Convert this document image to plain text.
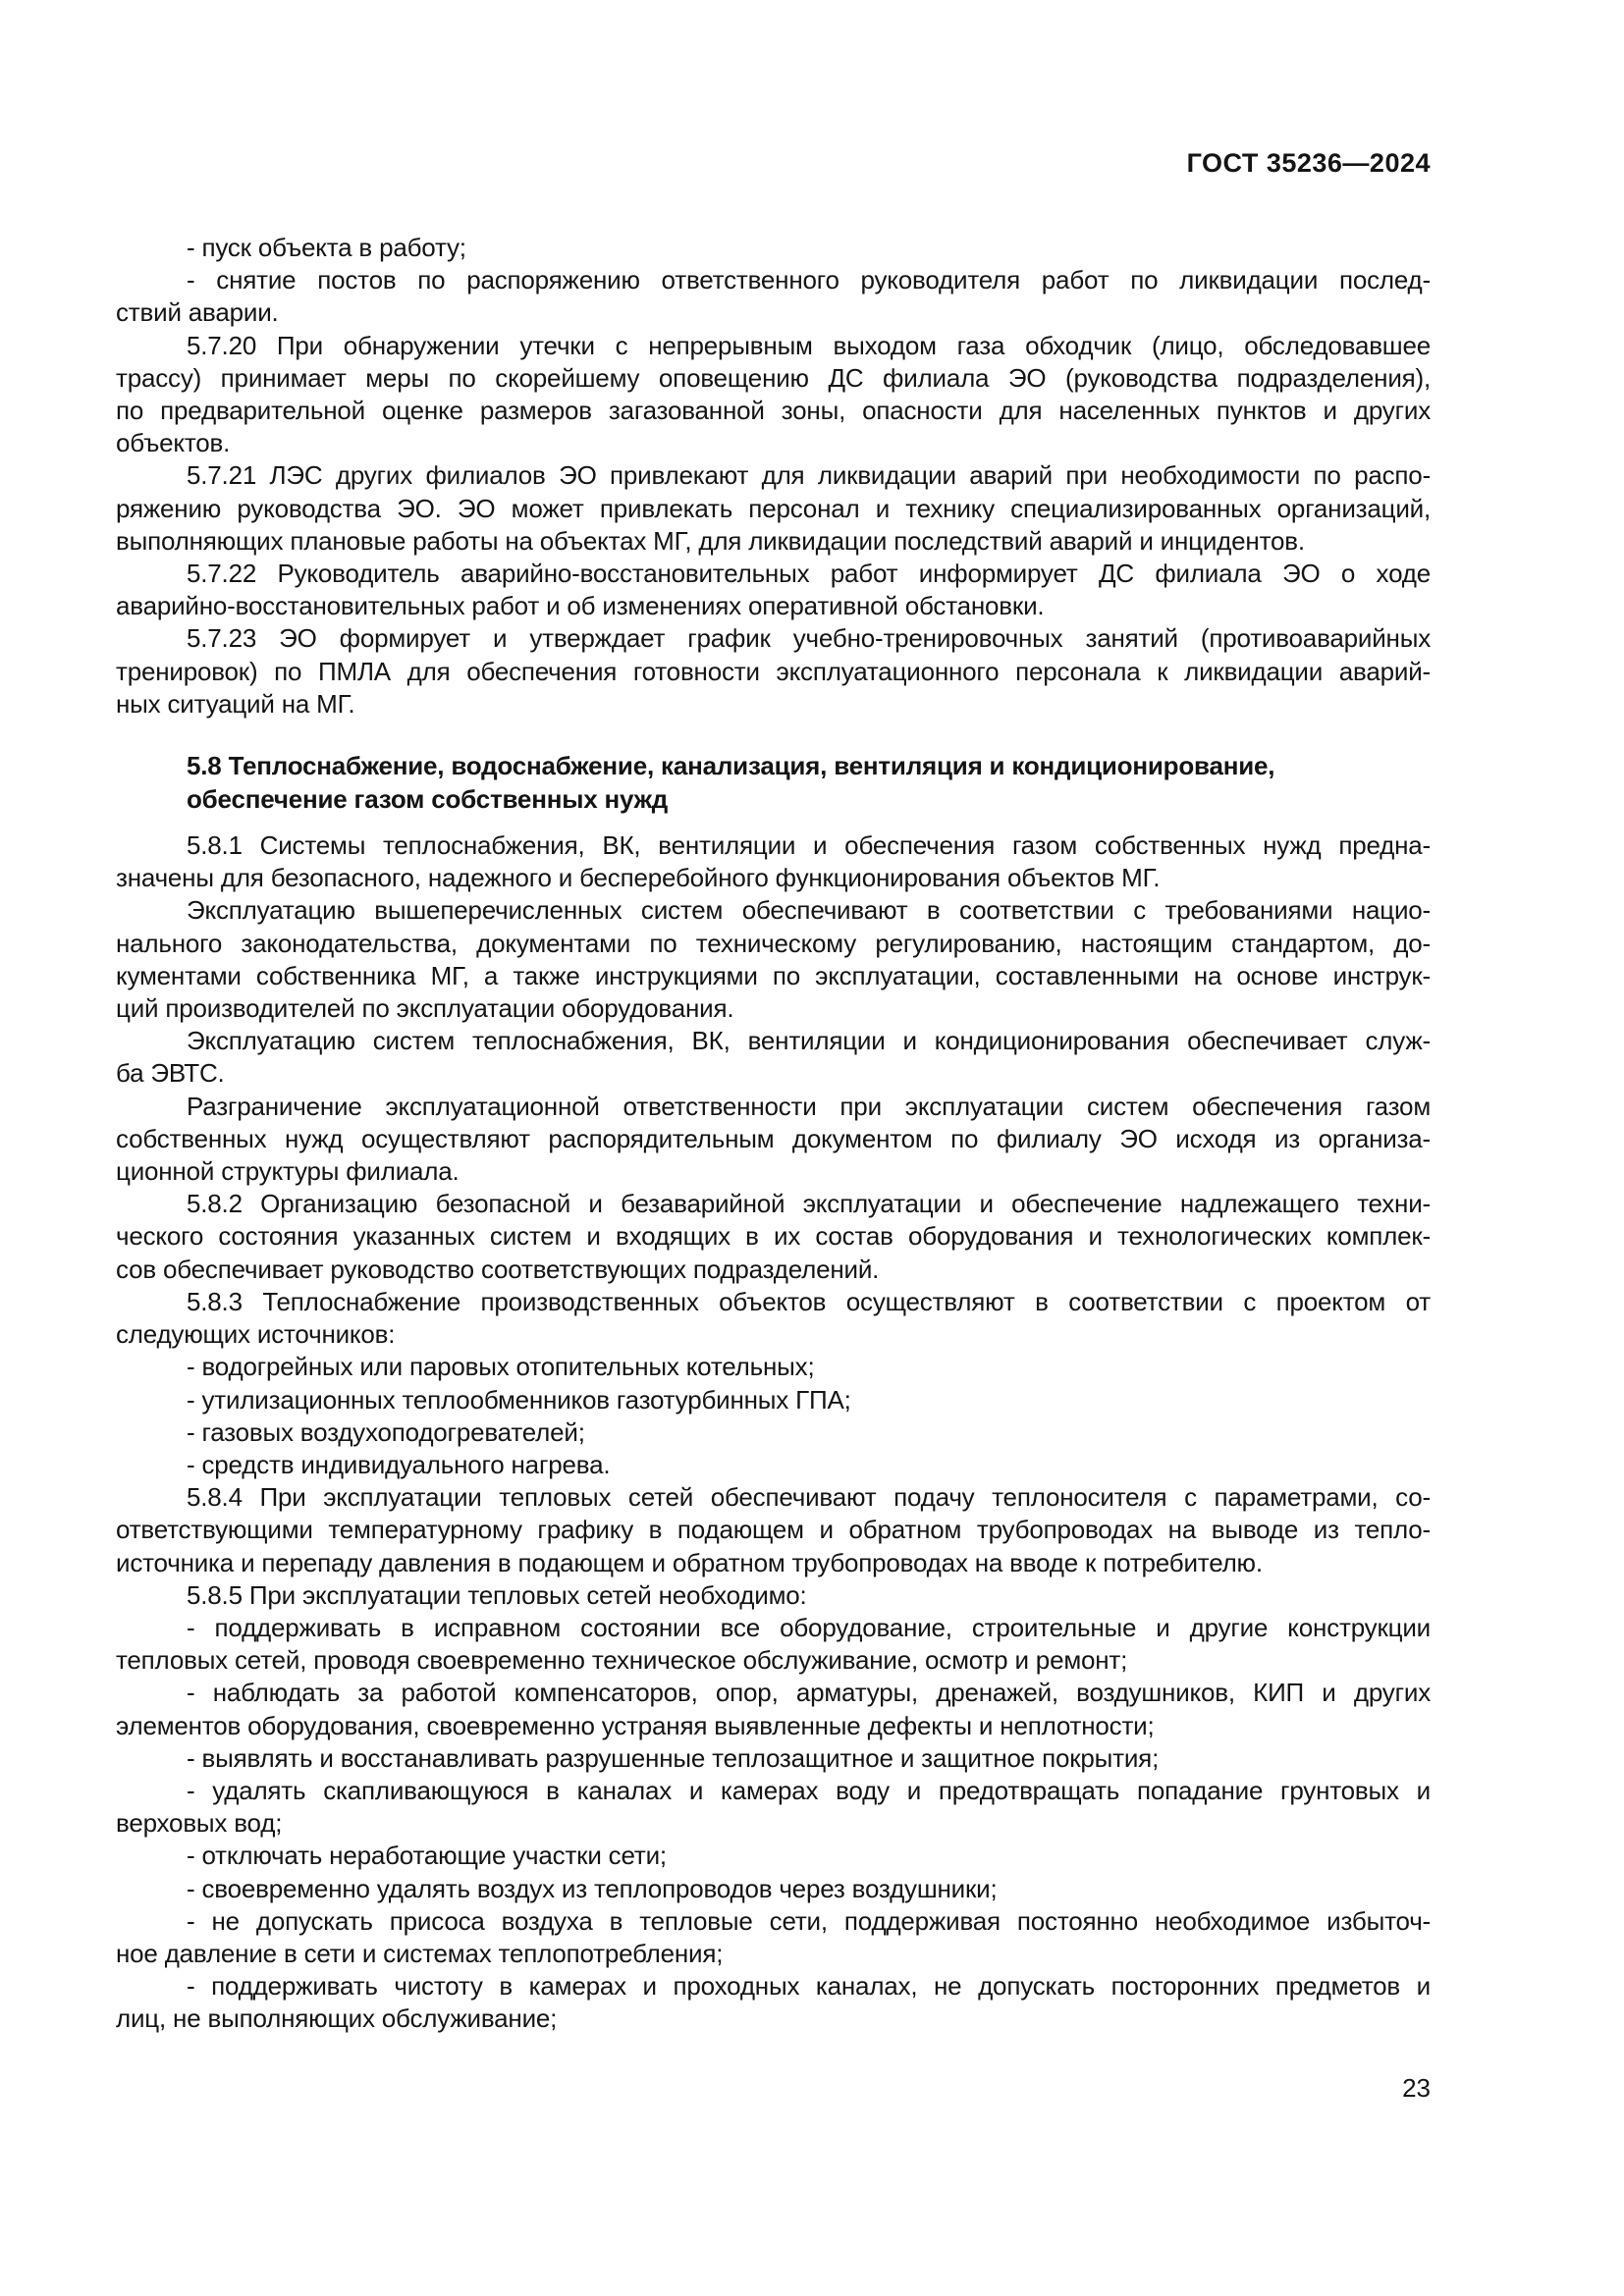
ГОСТ 35236—2024
- пуск объекта в работу;
- снятие постов по распоряжению ответственного руководителя работ по ликвидации послед-
ствий аварии.
5.7.20 При обнаружении утечки с непрерывным выходом газа обходчик (лицо, обследовавшее
трассу) принимает меры по скорейшему оповещению ДС филиала ЭО (руководства подразделения),
по предварительной оценке размеров загазованной зоны, опасности для населенных пунктов и других
объектов.
5.7.21 ЛЭС других филиалов ЭО привлекают для ликвидации аварий при необходимости по распо-
ряжению руководства ЭО. ЭО может привлекать персонал и технику специализированных организаций,
выполняющих плановые работы на объектах МГ, для ликвидации последствий аварий и инцидентов.
5.7.22 Руководитель аварийно-восстановительных работ информирует ДС филиала ЭО о ходе
аварийно-восстановительных работ и об изменениях оперативной обстановки.
5.7.23 ЭО формирует и утверждает график учебно-тренировочных занятий (противоаварийных
тренировок) по ПМЛА для обеспечения готовности эксплуатационного персонала к ликвидации аварий-
ных ситуаций на МГ.
5.8 Теплоснабжение, водоснабжение, канализация, вентиляция и кондиционирование,
обеспечение газом собственных нужд
5.8.1 Системы теплоснабжения, ВК, вентиляции и обеспечения газом собственных нужд предна-
значены для безопасного, надежного и бесперебойного функционирования объектов МГ.
Эксплуатацию вышеперечисленных систем обеспечивают в соответствии с требованиями нацио-
нального законодательства, документами по техническому регулированию, настоящим стандартом, до-
кументами собственника МГ, а также инструкциями по эксплуатации, составленными на основе инструк-
ций производителей по эксплуатации оборудования.
Эксплуатацию систем теплоснабжения, ВК, вентиляции и кондиционирования обеспечивает служ-
ба ЭВТС.
Разграничение эксплуатационной ответственности при эксплуатации систем обеспечения газом
собственных нужд осуществляют распорядительным документом по филиалу ЭО исходя из организа-
ционной структуры филиала.
5.8.2 Организацию безопасной и безаварийной эксплуатации и обеспечение надлежащего техни-
ческого состояния указанных систем и входящих в их состав оборудования и технологических комплек-
сов обеспечивает руководство соответствующих подразделений.
5.8.3 Теплоснабжение производственных объектов осуществляют в соответствии с проектом от
следующих источников:
- водогрейных или паровых отопительных котельных;
- утилизационных теплообменников газотурбинных ГПА;
- газовых воздухоподогревателей;
- средств индивидуального нагрева.
5.8.4 При эксплуатации тепловых сетей обеспечивают подачу теплоносителя с параметрами, со-
ответствующими температурному графику в подающем и обратном трубопроводах на выводе из тепло-
источника и перепаду давления в подающем и обратном трубопроводах на вводе к потребителю.
5.8.5 При эксплуатации тепловых сетей необходимо:
- поддерживать в исправном состоянии все оборудование, строительные и другие конструкции
тепловых сетей, проводя своевременно техническое обслуживание, осмотр и ремонт;
- наблюдать за работой компенсаторов, опор, арматуры, дренажей, воздушников, КИП и других
элементов оборудования, своевременно устраняя выявленные дефекты и неплотности;
- выявлять и восстанавливать разрушенные теплозащитное и защитное покрытия;
- удалять скапливающуюся в каналах и камерах воду и предотвращать попадание грунтовых и
верховых вод;
- отключать неработающие участки сети;
- своевременно удалять воздух из теплопроводов через воздушники;
- не допускать присоса воздуха в тепловые сети, поддерживая постоянно необходимое избыточ-
ное давление в сети и системах теплопотребления;
- поддерживать чистоту в камерах и проходных каналах, не допускать посторонних предметов и
лиц, не выполняющих обслуживание;
23
